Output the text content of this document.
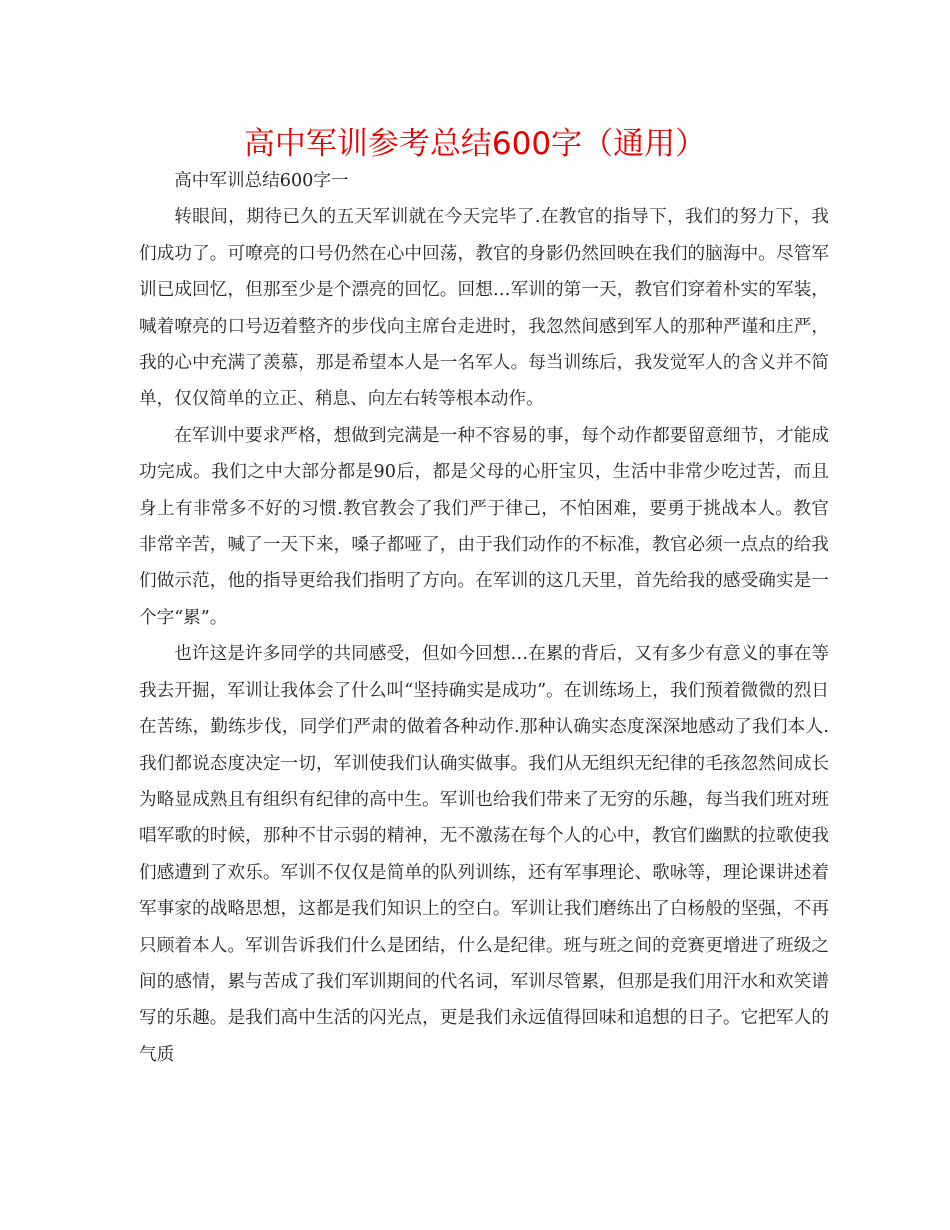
高中军训参考总结600字（通用）

高中军训总结600字一

转眼间，期待已久的五天军训就在今天完毕了.在教官的指导下，我们的努力下，我们成功了。可嘹亮的口号仍然在心中回荡，教官的身影仍然回映在我们的脑海中。尽管军训已成回忆，但那至少是个漂亮的回忆。回想…军训的第一天，教官们穿着朴实的军装，喊着嘹亮的口号迈着整齐的步伐向主席台走进时，我忽然间感到军人的那种严谨和庄严，我的心中充满了羡慕，那是希望本人是一名军人。每当训练后，我发觉军人的含义并不简单，仅仅简单的立正、稍息、向左右转等根本动作。

在军训中要求严格，想做到完满是一种不容易的事，每个动作都要留意细节，才能成功完成。我们之中大部分都是90后，都是父母的心肝宝贝，生活中非常少吃过苦，而且身上有非常多不好的习惯.教官教会了我们严于律己，不怕困难，要勇于挑战本人。教官非常辛苦，喊了一天下来，嗓子都哑了，由于我们动作的不标准，教官必须一点点的给我们做示范，他的指导更给我们指明了方向。在军训的这几天里，首先给我的感受确实是一个字“累”。

也许这是许多同学的共同感受，但如今回想…在累的背后，又有多少有意义的事在等我去开掘，军训让我体会了什么叫“坚持确实是成功”。在训练场上，我们预着微微的烈日在苦练，勤练步伐，同学们严肃的做着各种动作.那种认确实态度深深地感动了我们本人.我们都说态度决定一切，军训使我们认确实做事。我们从无组织无纪律的毛孩忽然间成长为略显成熟且有组织有纪律的高中生。军训也给我们带来了无穷的乐趣，每当我们班对班唱军歌的时候，那种不甘示弱的精神，无不激荡在每个人的心中，教官们幽默的拉歌使我们感遭到了欢乐。军训不仅仅是简单的队列训练，还有军事理论、歌咏等，理论课讲述着军事家的战略思想，这都是我们知识上的空白。军训让我们磨练出了白杨般的坚强，不再只顾着本人。军训告诉我们什么是团结，什么是纪律。班与班之间的竞赛更增进了班级之间的感情，累与苦成了我们军训期间的代名词，军训尽管累，但那是我们用汗水和欢笑谱写的乐趣。是我们高中生活的闪光点，更是我们永远值得回味和追想的日子。它把军人的气质
